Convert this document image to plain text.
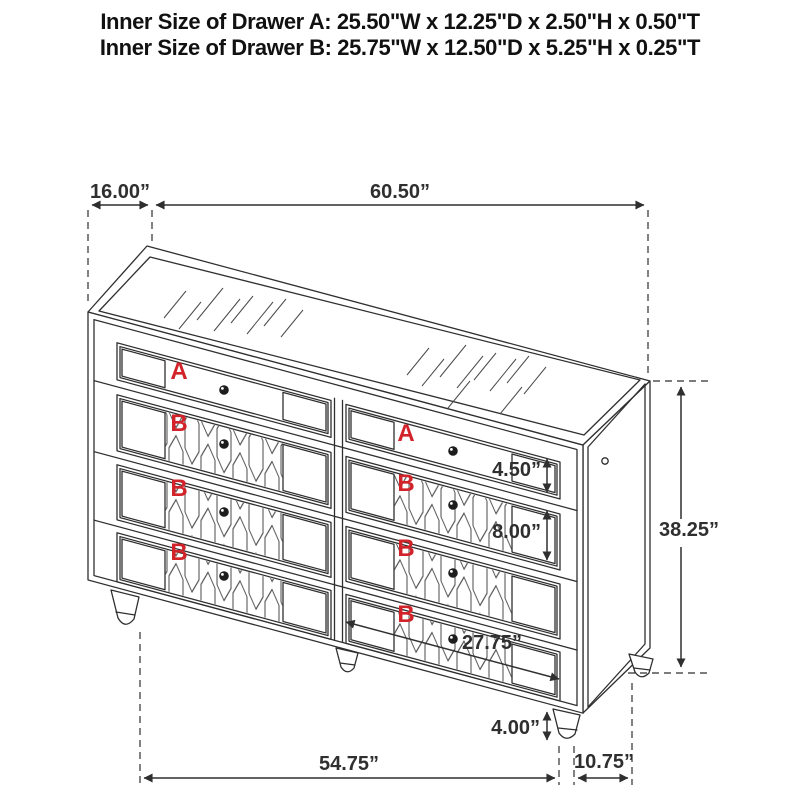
Inner Size of Drawer A: 25.50"W x 12.25"D x 2.50"H x 0.50"T
Inner Size of Drawer B: 25.75"W x 12.50"D x 5.25"H x 0.25"T
A
B
B
B
A
B
B
B
16.00”	60.50”
4.50”
8.00”	38.25”
27.75”
4.00”
54.75”	10.75”
